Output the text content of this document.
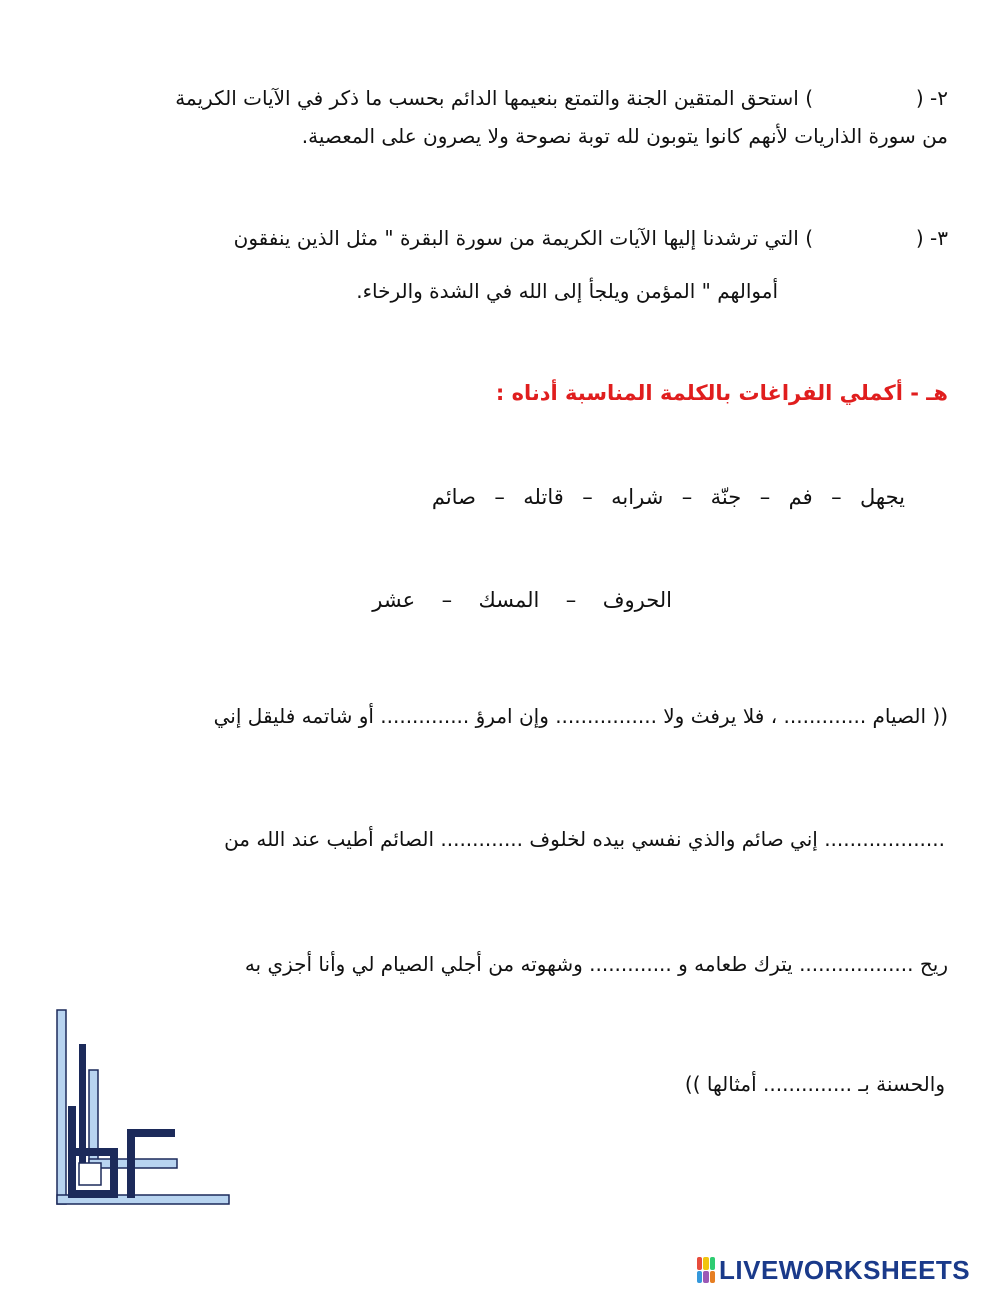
٢- () استحق المتقين الجنة والتمتع بنعيمها الدائم بحسب ما ذكر في الآيات الكريمة
من سورة الذاريات لأنهم كانوا يتوبون لله توبة نصوحة ولا يصرون على المعصية.
٣- () التي ترشدنا إليها الآيات الكريمة من سورة البقرة " مثل الذين ينفقون
أموالهم " المؤمن ويلجأ إلى الله في الشدة والرخاء.
هـ - أكملي الفراغات بالكلمة المناسبة أدناه :
يجهل – فم – جنّة – شرابه – قاتله – صائم
الحروف – المسك – عشر
(( الصيام ............. ، فلا يرفث ولا ................ وإن امرؤ .............. أو شاتمه فليقل إني
................... إني صائم والذي نفسي بيده لخلوف ............. الصائم أطيب عند الله من
ريح .................. يترك طعامه و ............. وشهوته من أجلي الصيام لي وأنا أجزي به
والحسنة بـ .............. أمثالها ))
LIVEWORKSHEETS
